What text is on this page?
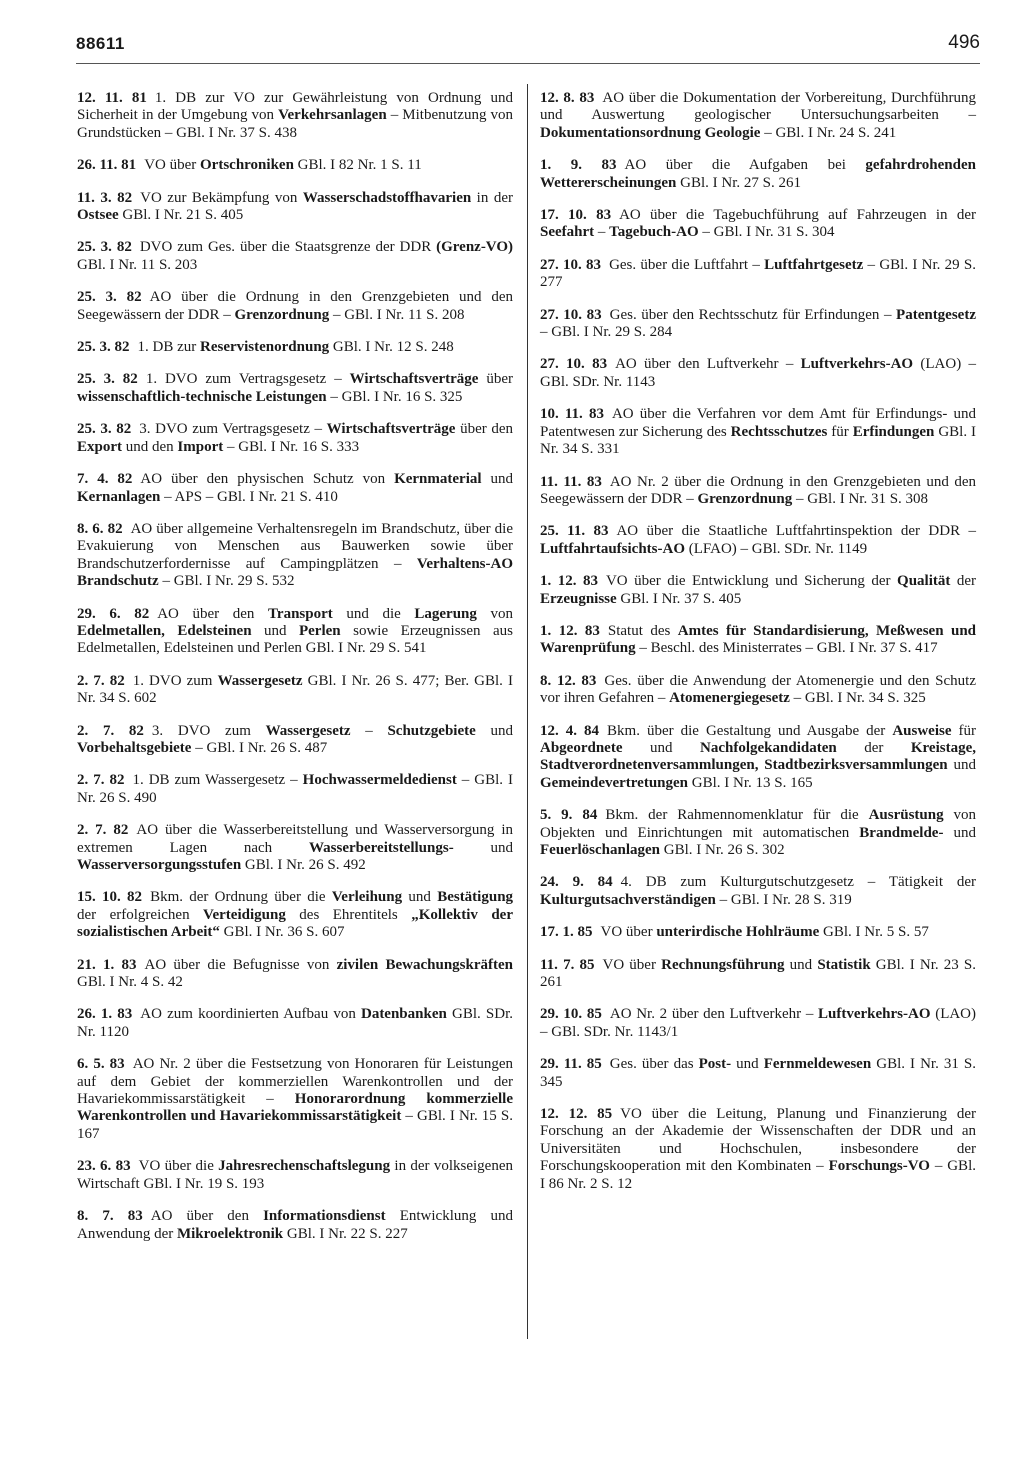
88611	496

12. 11. 81 1. DB zur VO zur Gewährleistung von Ordnung und Sicherheit in der Umgebung von Verkehrsanlagen – Mitbenutzung von Grundstücken – GBl. I Nr. 37 S. 438

26. 11. 81 VO über Ortschroniken GBl. I 82 Nr. 1 S. 11

11. 3. 82 VO zur Bekämpfung von Wasserschadstoffhavarien in der Ostsee GBl. I Nr. 21 S. 405

25. 3. 82 DVO zum Ges. über die Staatsgrenze der DDR (Grenz-VO) GBl. I Nr. 11 S. 203

25. 3. 82 AO über die Ordnung in den Grenzgebieten und den Seegewässern der DDR – Grenzordnung – GBl. I Nr. 11 S. 208

25. 3. 82 1. DB zur Reservistenordnung GBl. I Nr. 12 S. 248

25. 3. 82 1. DVO zum Vertragsgesetz – Wirtschaftsverträge über wissenschaftlich-technische Leistungen – GBl. I Nr. 16 S. 325

25. 3. 82 3. DVO zum Vertragsgesetz – Wirtschaftsverträge über den Export und den Import – GBl. I Nr. 16 S. 333

7. 4. 82 AO über den physischen Schutz von Kernmaterial und Kernanlagen – APS – GBl. I Nr. 21 S. 410

8. 6. 82 AO über allgemeine Verhaltensregeln im Brandschutz, über die Evakuierung von Menschen aus Bauwerken sowie über Brandschutzerfordernisse auf Campingplätzen – Verhaltens-AO Brandschutz – GBl. I Nr. 29 S. 532

29. 6. 82 AO über den Transport und die Lagerung von Edelmetallen, Edelsteinen und Perlen sowie Erzeugnissen aus Edelmetallen, Edelsteinen und Perlen GBl. I Nr. 29 S. 541

2. 7. 82 1. DVO zum Wassergesetz GBl. I Nr. 26 S. 477; Ber. GBl. I Nr. 34 S. 602

2. 7. 82 3. DVO zum Wassergesetz – Schutzgebiete und Vorbehaltsgebiete – GBl. I Nr. 26 S. 487

2. 7. 82 1. DB zum Wassergesetz – Hochwassermeldedienst – GBl. I Nr. 26 S. 490

2. 7. 82 AO über die Wasserbereitstellung und Wasserversorgung in extremen Lagen nach Wasserbereitstellungs- und Wasserversorgungsstufen GBl. I Nr. 26 S. 492

15. 10. 82 Bkm. der Ordnung über die Verleihung und Bestätigung der erfolgreichen Verteidigung des Ehrentitels „Kollektiv der sozialistischen Arbeit“ GBl. I Nr. 36 S. 607

21. 1. 83 AO über die Befugnisse von zivilen Bewachungskräften GBl. I Nr. 4 S. 42

26. 1. 83 AO zum koordinierten Aufbau von Datenbanken GBl. SDr. Nr. 1120

6. 5. 83 AO Nr. 2 über die Festsetzung von Honoraren für Leistungen auf dem Gebiet der kommerziellen Warenkontrollen und der Havariekommissarstätigkeit – Honorarordnung kommerzielle Warenkontrollen und Havariekommissarstätigkeit – GBl. I Nr. 15 S. 167

23. 6. 83 VO über die Jahresrechenschaftslegung in der volkseigenen Wirtschaft GBl. I Nr. 19 S. 193

8. 7. 83 AO über den Informationsdienst Entwicklung und Anwendung der Mikroelektronik GBl. I Nr. 22 S. 227

12. 8. 83 AO über die Dokumentation der Vorbereitung, Durchführung und Auswertung geologischer Untersuchungsarbeiten – Dokumentationsordnung Geologie – GBl. I Nr. 24 S. 241

1. 9. 83 AO über die Aufgaben bei gefahrdrohenden Wettererscheinungen GBl. I Nr. 27 S. 261

17. 10. 83 AO über die Tagebuchführung auf Fahrzeugen in der Seefahrt – Tagebuch-AO – GBl. I Nr. 31 S. 304

27. 10. 83 Ges. über die Luftfahrt – Luftfahrtgesetz – GBl. I Nr. 29 S. 277

27. 10. 83 Ges. über den Rechtsschutz für Erfindungen – Patentgesetz – GBl. I Nr. 29 S. 284

27. 10. 83 AO über den Luftverkehr – Luftverkehrs-AO (LAO) – GBl. SDr. Nr. 1143

10. 11. 83 AO über die Verfahren vor dem Amt für Erfindungs- und Patentwesen zur Sicherung des Rechtsschutzes für Erfindungen GBl. I Nr. 34 S. 331

11. 11. 83 AO Nr. 2 über die Ordnung in den Grenzgebieten und den Seegewässern der DDR – Grenzordnung – GBl. I Nr. 31 S. 308

25. 11. 83 AO über die Staatliche Luftfahrtinspektion der DDR – Luftfahrtaufsichts-AO (LFAO) – GBl. SDr. Nr. 1149

1. 12. 83 VO über die Entwicklung und Sicherung der Qualität der Erzeugnisse GBl. I Nr. 37 S. 405

1. 12. 83 Statut des Amtes für Standardisierung, Meßwesen und Warenprüfung – Beschl. des Ministerrates – GBl. I Nr. 37 S. 417

8. 12. 83 Ges. über die Anwendung der Atomenergie und den Schutz vor ihren Gefahren – Atomenergiegesetz – GBl. I Nr. 34 S. 325

12. 4. 84 Bkm. über die Gestaltung und Ausgabe der Ausweise für Abgeordnete und Nachfolgekandidaten der Kreistage, Stadtverordnetenversammlungen, Stadtbezirksversammlungen und Gemeindevertretungen GBl. I Nr. 13 S. 165

5. 9. 84 Bkm. der Rahmennomenklatur für die Ausrüstung von Objekten und Einrichtungen mit automatischen Brandmelde- und Feuerlöschanlagen GBl. I Nr. 26 S. 302

24. 9. 84 4. DB zum Kulturgutschutzgesetz – Tätigkeit der Kulturgutsachverständigen – GBl. I Nr. 28 S. 319

17. 1. 85 VO über unterirdische Hohlräume GBl. I Nr. 5 S. 57

11. 7. 85 VO über Rechnungsführung und Statistik GBl. I Nr. 23 S. 261

29. 10. 85 AO Nr. 2 über den Luftverkehr – Luftverkehrs-AO (LAO) – GBl. SDr. Nr. 1143/1

29. 11. 85 Ges. über das Post- und Fernmeldewesen GBl. I Nr. 31 S. 345

12. 12. 85 VO über die Leitung, Planung und Finanzierung der Forschung an der Akademie der Wissenschaften der DDR und an Universitäten und Hochschulen, insbesondere der Forschungskooperation mit den Kombinaten – Forschungs-VO – GBl. I 86 Nr. 2 S. 12
